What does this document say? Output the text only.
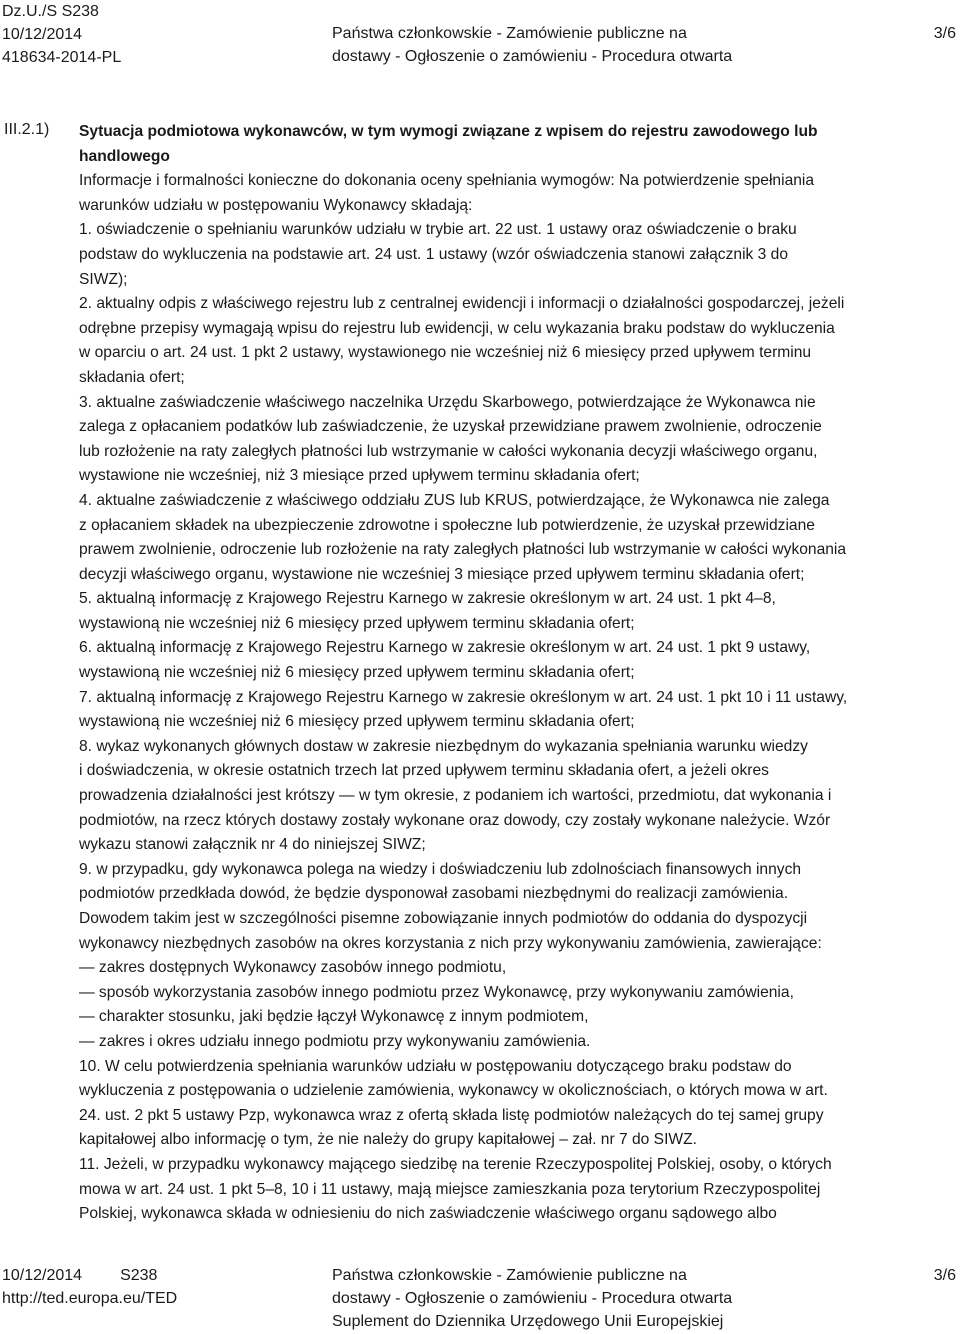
Dz.U./S S238
10/12/2014
418634-2014-PL
Państwa członkowskie - Zamówienie publiczne na
dostawy - Ogłoszenie o zamówieniu - Procedura otwarta
3/6
III.2.1) Sytuacja podmiotowa wykonawców, w tym wymogi związane z wpisem do rejestru zawodowego lub
handlowego
Informacje i formalności konieczne do dokonania oceny spełniania wymogów: Na potwierdzenie spełniania
warunków udziału w postępowaniu Wykonawcy składają:
1. oświadczenie o spełnianiu warunków udziału w trybie art. 22 ust. 1 ustawy oraz oświadczenie o braku
podstaw do wykluczenia na podstawie art. 24 ust. 1 ustawy (wzór oświadczenia stanowi załącznik 3 do
SIWZ);
2. aktualny odpis z właściwego rejestru lub z centralnej ewidencji i informacji o działalności gospodarczej, jeżeli
odrębne przepisy wymagają wpisu do rejestru lub ewidencji, w celu wykazania braku podstaw do wykluczenia
w oparciu o art. 24 ust. 1 pkt 2 ustawy, wystawionego nie wcześniej niż 6 miesięcy przed upływem terminu
składania ofert;
3. aktualne zaświadczenie właściwego naczelnika Urzędu Skarbowego, potwierdzające że Wykonawca nie
zalega z opłacaniem podatków lub zaświadczenie, że uzyskał przewidziane prawem zwolnienie, odroczenie
lub rozłożenie na raty zaległych płatności lub wstrzymanie w całości wykonania decyzji właściwego organu,
wystawione nie wcześniej, niż 3 miesiące przed upływem terminu składania ofert;
4. aktualne zaświadczenie z właściwego oddziału ZUS lub KRUS, potwierdzające, że Wykonawca nie zalega
z opłacaniem składek na ubezpieczenie zdrowotne i społeczne lub potwierdzenie, że uzyskał przewidziane
prawem zwolnienie, odroczenie lub rozłożenie na raty zaległych płatności lub wstrzymanie w całości wykonania
decyzji właściwego organu, wystawione nie wcześniej 3 miesiące przed upływem terminu składania ofert;
5. aktualną informację z Krajowego Rejestru Karnego w zakresie określonym w art. 24 ust. 1 pkt 4–8,
wystawioną nie wcześniej niż 6 miesięcy przed upływem terminu składania ofert;
6. aktualną informację z Krajowego Rejestru Karnego w zakresie określonym w art. 24 ust. 1 pkt 9 ustawy,
wystawioną nie wcześniej niż 6 miesięcy przed upływem terminu składania ofert;
7. aktualną informację z Krajowego Rejestru Karnego w zakresie określonym w art. 24 ust. 1 pkt 10 i 11 ustawy,
wystawioną nie wcześniej niż 6 miesięcy przed upływem terminu składania ofert;
8. wykaz wykonanych głównych dostaw w zakresie niezbędnym do wykazania spełniania warunku wiedzy
i doświadczenia, w okresie ostatnich trzech lat przed upływem terminu składania ofert, a jeżeli okres
prowadzenia działalności jest krótszy — w tym okresie, z podaniem ich wartości, przedmiotu, dat wykonania i
podmiotów, na rzecz których dostawy zostały wykonane oraz dowody, czy zostały wykonane należycie. Wzór
wykazu stanowi załącznik nr 4 do niniejszej SIWZ;
9. w przypadku, gdy wykonawca polega na wiedzy i doświadczeniu lub zdolnościach finansowych innych
podmiotów przedkłada dowód, że będzie dysponował zasobami niezbędnymi do realizacji zamówienia.
Dowodem takim jest w szczególności pisemne zobowiązanie innych podmiotów do oddania do dyspozycji
wykonawcy niezbędnych zasobów na okres korzystania z nich przy wykonywaniu zamówienia, zawierające:
— zakres dostępnych Wykonawcy zasobów innego podmiotu,
— sposób wykorzystania zasobów innego podmiotu przez Wykonawcę, przy wykonywaniu zamówienia,
— charakter stosunku, jaki będzie łączył Wykonawcę z innym podmiotem,
— zakres i okres udziału innego podmiotu przy wykonywaniu zamówienia.
10. W celu potwierdzenia spełniania warunków udziału w postępowaniu dotyczącego braku podstaw do
wykluczenia z postępowania o udzielenie zamówienia, wykonawcy w okolicznościach, o których mowa w art.
24. ust. 2 pkt 5 ustawy Pzp, wykonawca wraz z ofertą składa listę podmiotów należących do tej samej grupy
kapitałowej albo informację o tym, że nie należy do grupy kapitałowej – zał. nr 7 do SIWZ.
11. Jeżeli, w przypadku wykonawcy mającego siedzibę na terenie Rzeczypospolitej Polskiej, osoby, o których
mowa w art. 24 ust. 1 pkt 5–8, 10 i 11 ustawy, mają miejsce zamieszkania poza terytorium Rzeczypospolitej
Polskiej, wykonawca składa w odniesieniu do nich zaświadczenie właściwego organu sądowego albo
10/12/2014 S238
http://ted.europa.eu/TED
Państwa członkowskie - Zamówienie publiczne na
dostawy - Ogłoszenie o zamówieniu - Procedura otwarta
Suplement do Dziennika Urzędowego Unii Europejskiej
3/6
